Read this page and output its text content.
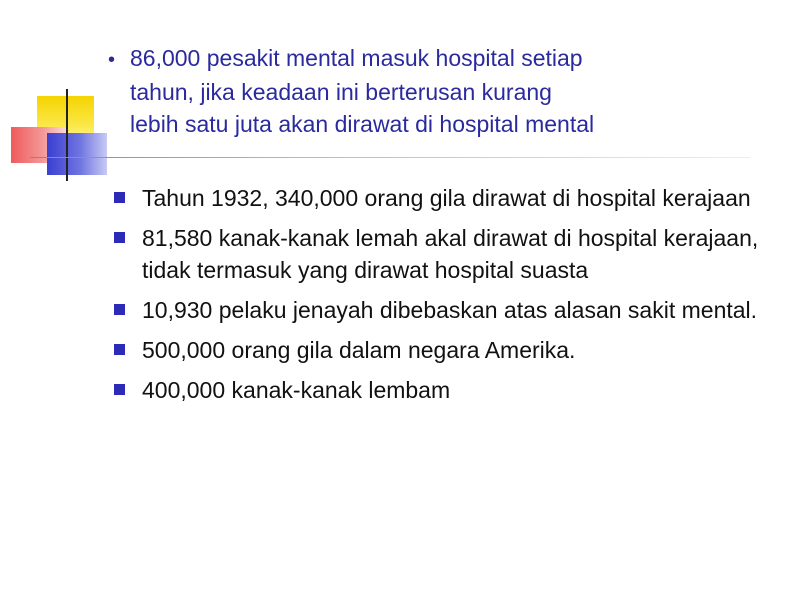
• 86,000 pesakit mental masuk hospital setiap
tahun, jika keadaan ini berterusan kurang
lebih satu juta akan dirawat di hospital mental
Tahun 1932, 340,000 orang gila dirawat di hospital kerajaan
81,580 kanak-kanak lemah akal dirawat di hospital kerajaan, tidak termasuk yang dirawat hospital suasta
10,930 pelaku jenayah dibebaskan atas alasan sakit mental.
500,000 orang gila dalam negara Amerika.
400,000 kanak-kanak lembam
